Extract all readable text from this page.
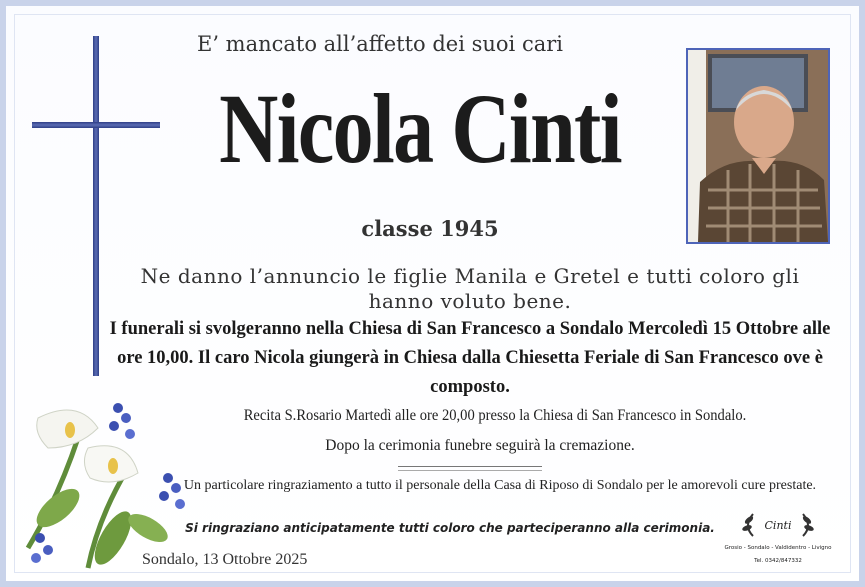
E’ mancato all’affetto dei suoi cari
Nicola Cinti
classe 1945
Ne danno l’annuncio le figlie Manila e Gretel e tutti coloro gli hanno voluto bene.
I funerali si svolgeranno nella Chiesa di San Francesco a Sondalo Mercoledì 15 Ottobre alle ore 10,00. Il caro Nicola giungerà in Chiesa dalla Chiesetta Feriale di San Francesco ove è composto.
Recita S.Rosario Martedì alle ore 20,00 presso la Chiesa di San Francesco in Sondalo.
Dopo la cerimonia funebre seguirà la cremazione.
Un particolare ringraziamento a tutto il personale della Casa di Riposo di Sondalo per le amorevoli cure prestate.
Si ringraziano anticipatamente tutti coloro che parteciperanno alla cerimonia.
Sondalo, 13 Ottobre 2025
Cinti
Grosio - Sondalo - Valdidentro - Livigno
Tel. 0342/847332
